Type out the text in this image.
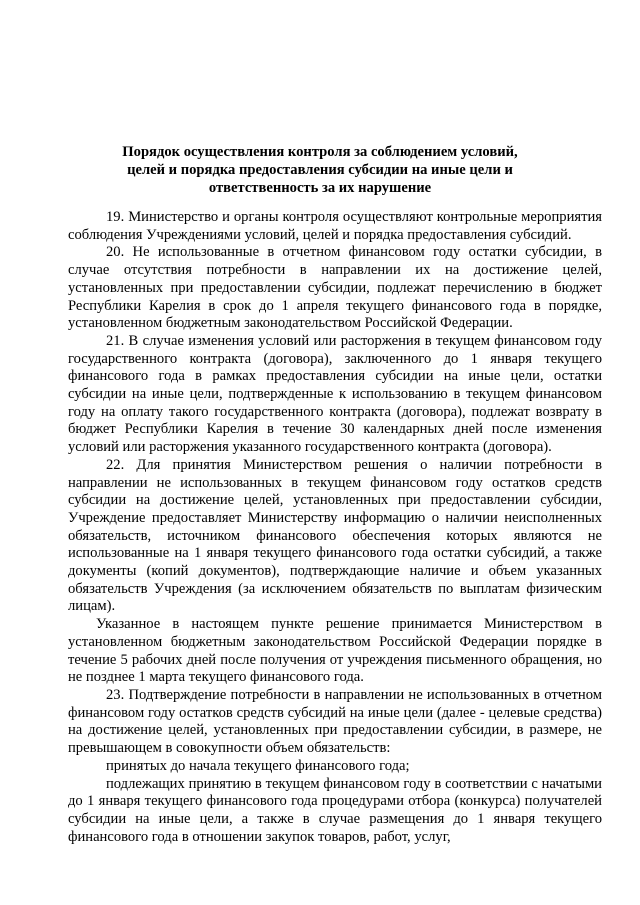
Порядок осуществления контроля за соблюдением условий,
целей и порядка предоставления субсидии на иные цели и
ответственность за их нарушение

19. Министерство и органы контроля осуществляют контрольные мероприятия соблюдения Учреждениями условий, целей и порядка предоставления субсидий.

20. Не использованные в отчетном финансовом году остатки субсидии, в случае отсутствия потребности в направлении их на достижение целей, установленных при предоставлении субсидии, подлежат перечислению в бюджет Республики Карелия в срок до 1 апреля текущего финансового года в порядке, установленном бюджетным законодательством Российской Федерации.

21. В случае изменения условий или расторжения в текущем финансовом году государственного контракта (договора), заключенного до 1 января текущего финансового года в рамках предоставления субсидии на иные цели, остатки субсидии на иные цели, подтвержденные к использованию в текущем финансовом году на оплату такого государственного контракта (договора), подлежат возврату в бюджет Республики Карелия в течение 30 календарных дней после изменения условий или расторжения указанного государственного контракта (договора).

22. Для принятия Министерством решения о наличии потребности в направлении не использованных в текущем финансовом году остатков средств субсидии на достижение целей, установленных при предоставлении субсидии, Учреждение предоставляет Министерству информацию о наличии неисполненных обязательств, источником финансового обеспечения которых являются не использованные на 1 января текущего финансового года остатки субсидий, а также документы (копий документов), подтверждающие наличие и объем указанных обязательств Учреждения (за исключением обязательств по выплатам физическим лицам).

Указанное в настоящем пункте решение принимается Министерством в установленном бюджетным законодательством Российской Федерации порядке в течение 5 рабочих дней после получения от учреждения письменного обращения, но не позднее 1 марта текущего финансового года.

23. Подтверждение потребности в направлении не использованных в отчетном финансовом году остатков средств субсидий на иные цели (далее - целевые средства) на достижение целей, установленных при предоставлении субсидии, в размере, не превышающем в совокупности объем обязательств:

принятых до начала текущего финансового года;

подлежащих принятию в текущем финансовом году в соответствии с начатыми до 1 января текущего финансового года процедурами отбора (конкурса) получателей субсидии на иные цели, а также в случае размещения до 1 января текущего финансового года в отношении закупок товаров, работ, услуг,
